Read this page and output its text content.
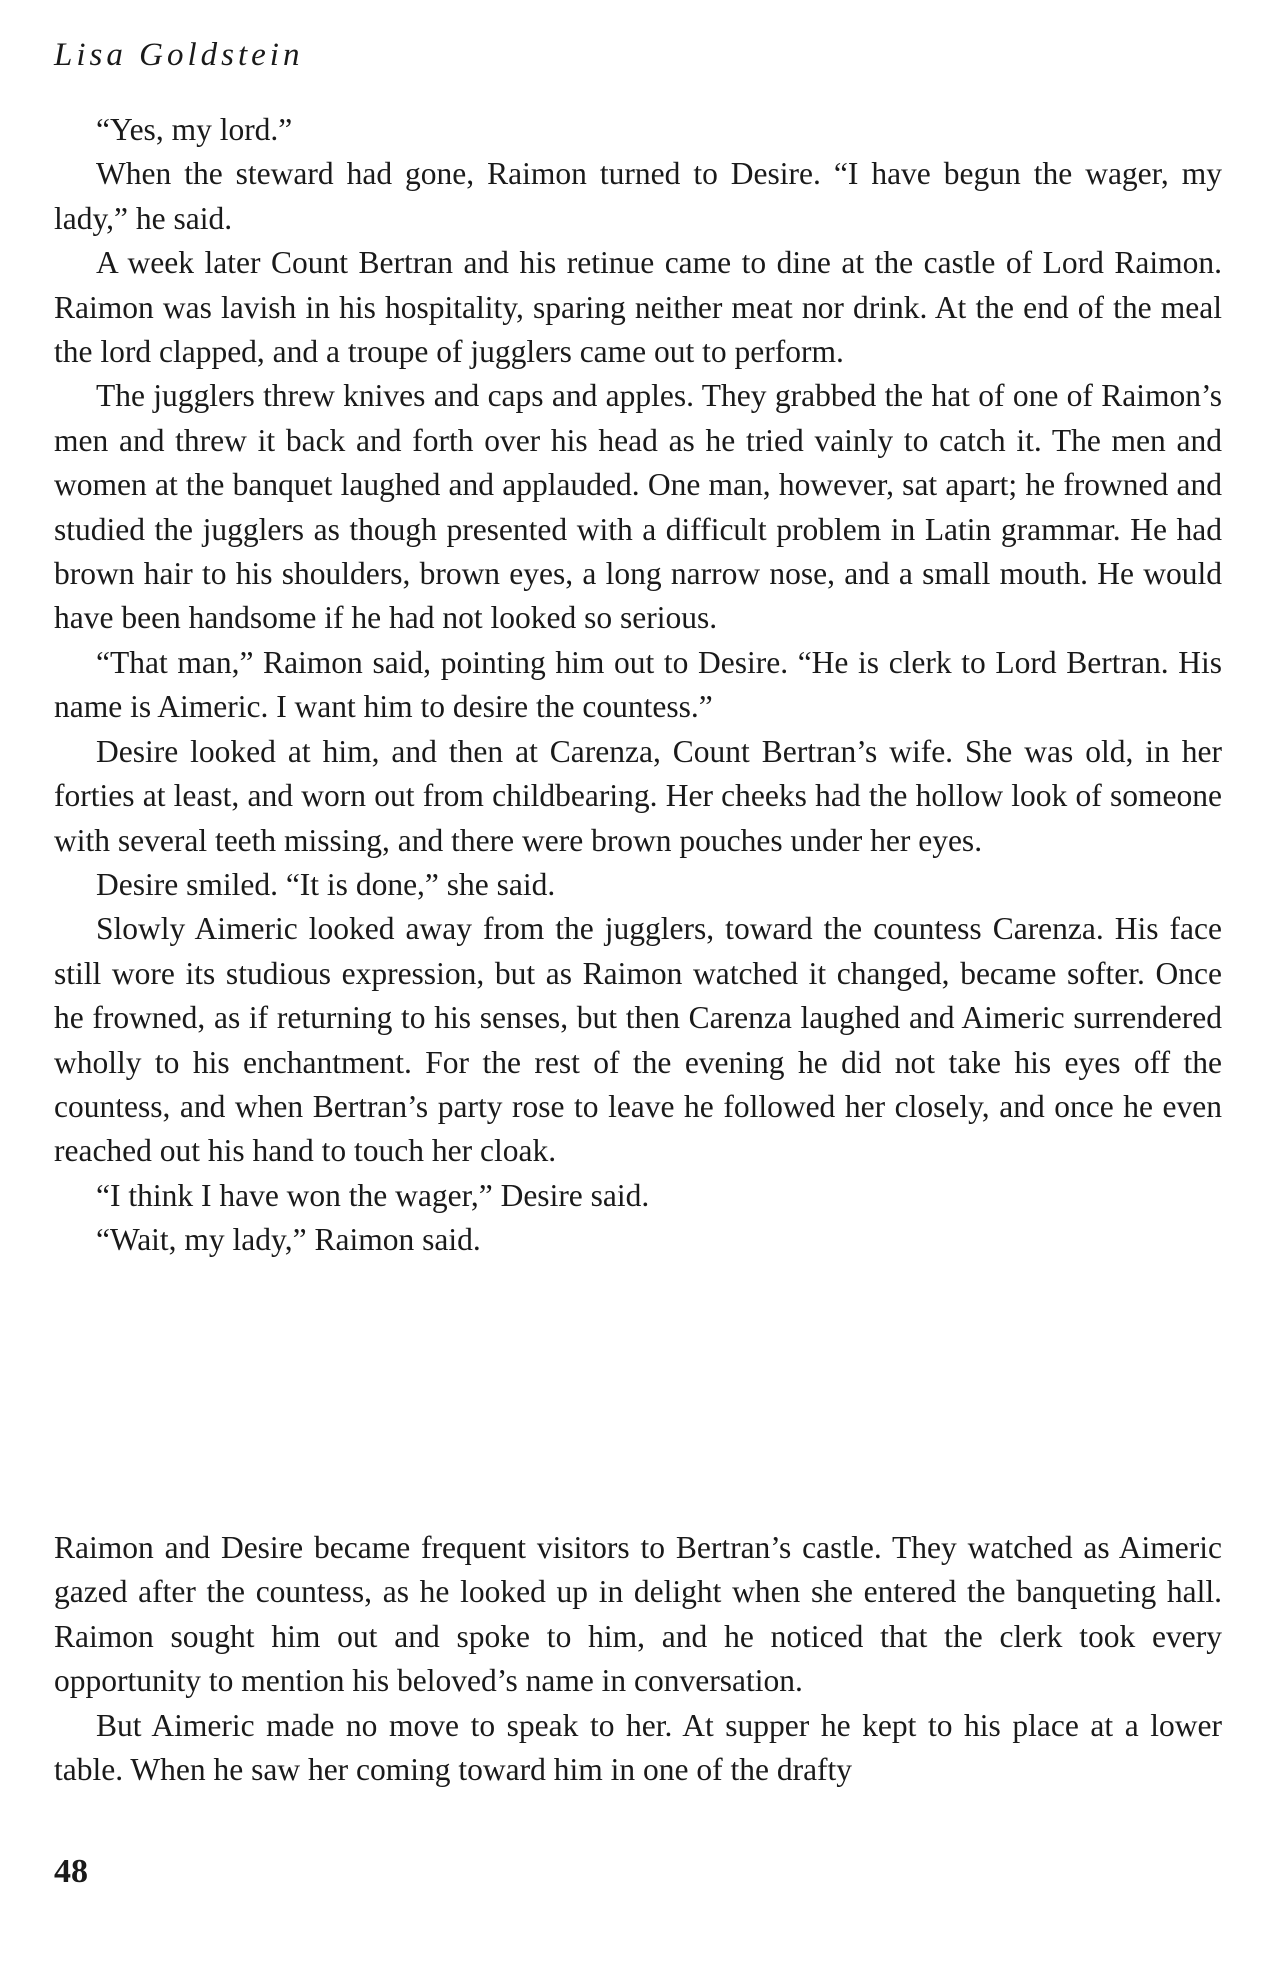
Lisa Goldstein

“Yes, my lord.”

When the steward had gone, Raimon turned to Desire. “I have begun the wager, my lady,” he said.

A week later Count Bertran and his retinue came to dine at the castle of Lord Raimon. Raimon was lavish in his hospitality, sparing neither meat nor drink. At the end of the meal the lord clapped, and a troupe of jugglers came out to perform.

The jugglers threw knives and caps and apples. They grabbed the hat of one of Raimon’s men and threw it back and forth over his head as he tried vainly to catch it. The men and women at the banquet laughed and applauded. One man, however, sat apart; he frowned and studied the jugglers as though presented with a difficult problem in Latin grammar. He had brown hair to his shoulders, brown eyes, a long narrow nose, and a small mouth. He would have been handsome if he had not looked so serious.

“That man,” Raimon said, pointing him out to Desire. “He is clerk to Lord Bertran. His name is Aimeric. I want him to desire the countess.”

Desire looked at him, and then at Carenza, Count Bertran’s wife. She was old, in her forties at least, and worn out from childbearing. Her cheeks had the hollow look of someone with several teeth missing, and there were brown pouches under her eyes.

Desire smiled. “It is done,” she said.

Slowly Aimeric looked away from the jugglers, toward the countess Carenza. His face still wore its studious expression, but as Raimon watched it changed, became softer. Once he frowned, as if returning to his senses, but then Carenza laughed and Aimeric surrendered wholly to his enchantment. For the rest of the evening he did not take his eyes off the countess, and when Bertran’s party rose to leave he followed her closely, and once he even reached out his hand to touch her cloak.

“I think I have won the wager,” Desire said.

“Wait, my lady,” Raimon said.

Raimon and Desire became frequent visitors to Bertran’s castle. They watched as Aimeric gazed after the countess, as he looked up in delight when she entered the banqueting hall. Raimon sought him out and spoke to him, and he noticed that the clerk took every opportunity to mention his beloved’s name in conversation.

But Aimeric made no move to speak to her. At supper he kept to his place at a lower table. When he saw her coming toward him in one of the drafty

48
